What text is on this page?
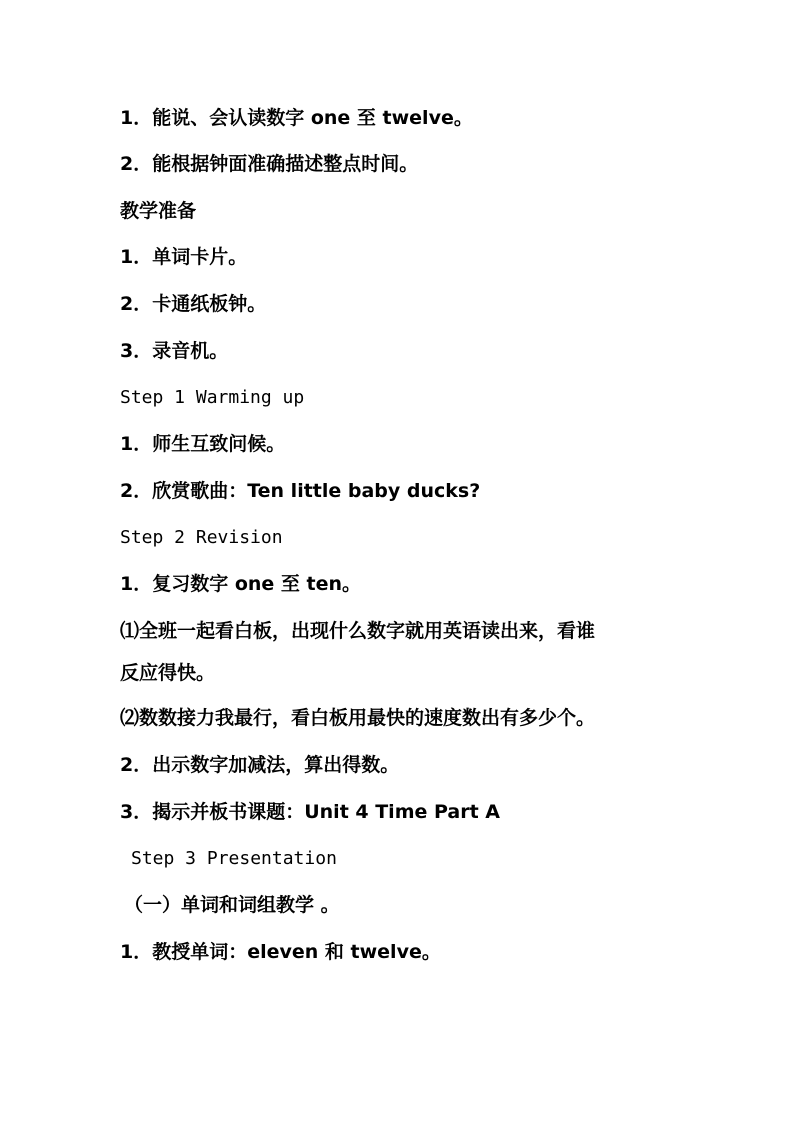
1．能说、会认读数字 one 至 twelve。
2．能根据钟面准确描述整点时间。
教学准备
1．单词卡片。
2．卡通纸板钟。
3．录音机。
Step 1 Warming up
1．师生互致问候。
2．欣赏歌曲：Ten little baby ducks?
Step 2 Revision
1．复习数字 one 至 ten。
⑴全班一起看白板，出现什么数字就用英语读出来，看谁
反应得快。
⑵数数接力我最行，看白板用最快的速度数出有多少个。
2．出示数字加减法，算出得数。
3．揭示并板书课题：Unit 4 Time Part A
Step 3 Presentation
（一）单词和词组教学 。
1．教授单词：eleven 和 twelve。
